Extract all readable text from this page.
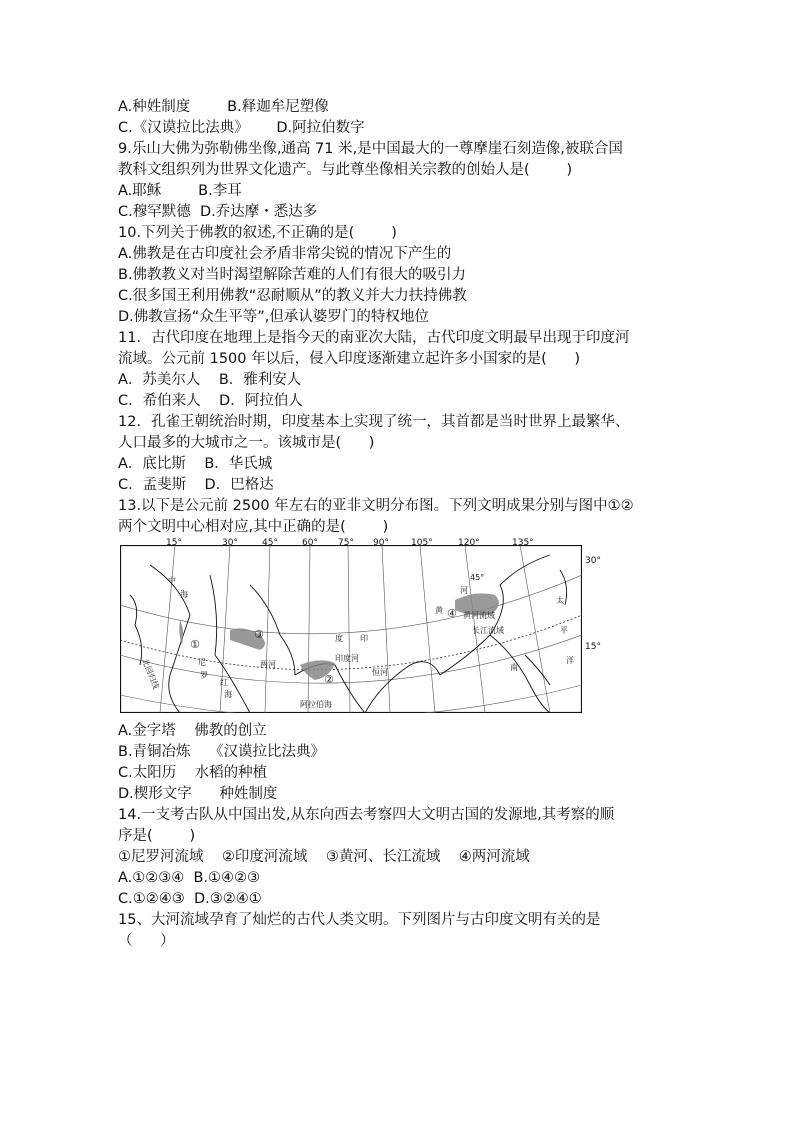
A.种姓制度        B.释迦牟尼塑像
C.《汉谟拉比法典》      D.阿拉伯数字
9.乐山大佛为弥勒佛坐像,通高 71 米,是中国最大的一尊摩崖石刻造像,被联合国
教科文组织列为世界文化遗产。与此尊坐像相关宗教的创始人是(        )
A.耶稣        B.李耳
C.穆罕默德  D.乔达摩・悉达多
10.下列关于佛教的叙述,不正确的是(        )
A.佛教是在古印度社会矛盾非常尖锐的情况下产生的
B.佛教教义对当时渴望解除苦难的人们有很大的吸引力
C.很多国王利用佛教“忍耐顺从”的教义并大力扶持佛教
D.佛教宣扬“众生平等”,但承认婆罗门的特权地位
11．古代印度在地理上是指今天的南亚次大陆，古代印度文明最早出现于印度河
流域。公元前 1500 年以后，侵入印度逐渐建立起许多小国家的是(      )
A．苏美尔人    B．雅利安人
C．希伯来人    D．阿拉伯人
12．孔雀王朝统治时期，印度基本上实现了统一，其首都是当时世界上最繁华、
人口最多的大城市之一。该城市是(      )
A．底比斯    B．华氏城
C．孟斐斯    D．巴格达
13.以下是公元前 2500 年左右的亚非文明分布图。下列文明成果分别与图中①②
两个文明中心相对应,其中正确的是(        )
①
②
③
④
北回归线
太
平
洋
阿拉伯海
黄河流域
长江流域
印度河
恒河
两河
黄
河
度 印
尼
罗
红
海
中
海
南
45°
15°	30°	45°	60° 75° 90° 105°	120°	135°
30°
15°
A.金字塔    佛教的创立
B.青铜冶炼    《汉谟拉比法典》
C.太阳历    水稻的种植
D.楔形文字      种姓制度
14.一支考古队从中国出发,从东向西去考察四大文明古国的发源地,其考察的顺
序是(        )
①尼罗河流域    ②印度河流域    ③黄河、长江流域    ④两河流域
A.①②③④  B.①④②③
C.①②④③  D.③②④①
15、大河流域孕育了灿烂的古代人类文明。下列图片与古印度文明有关的是
（      ）
